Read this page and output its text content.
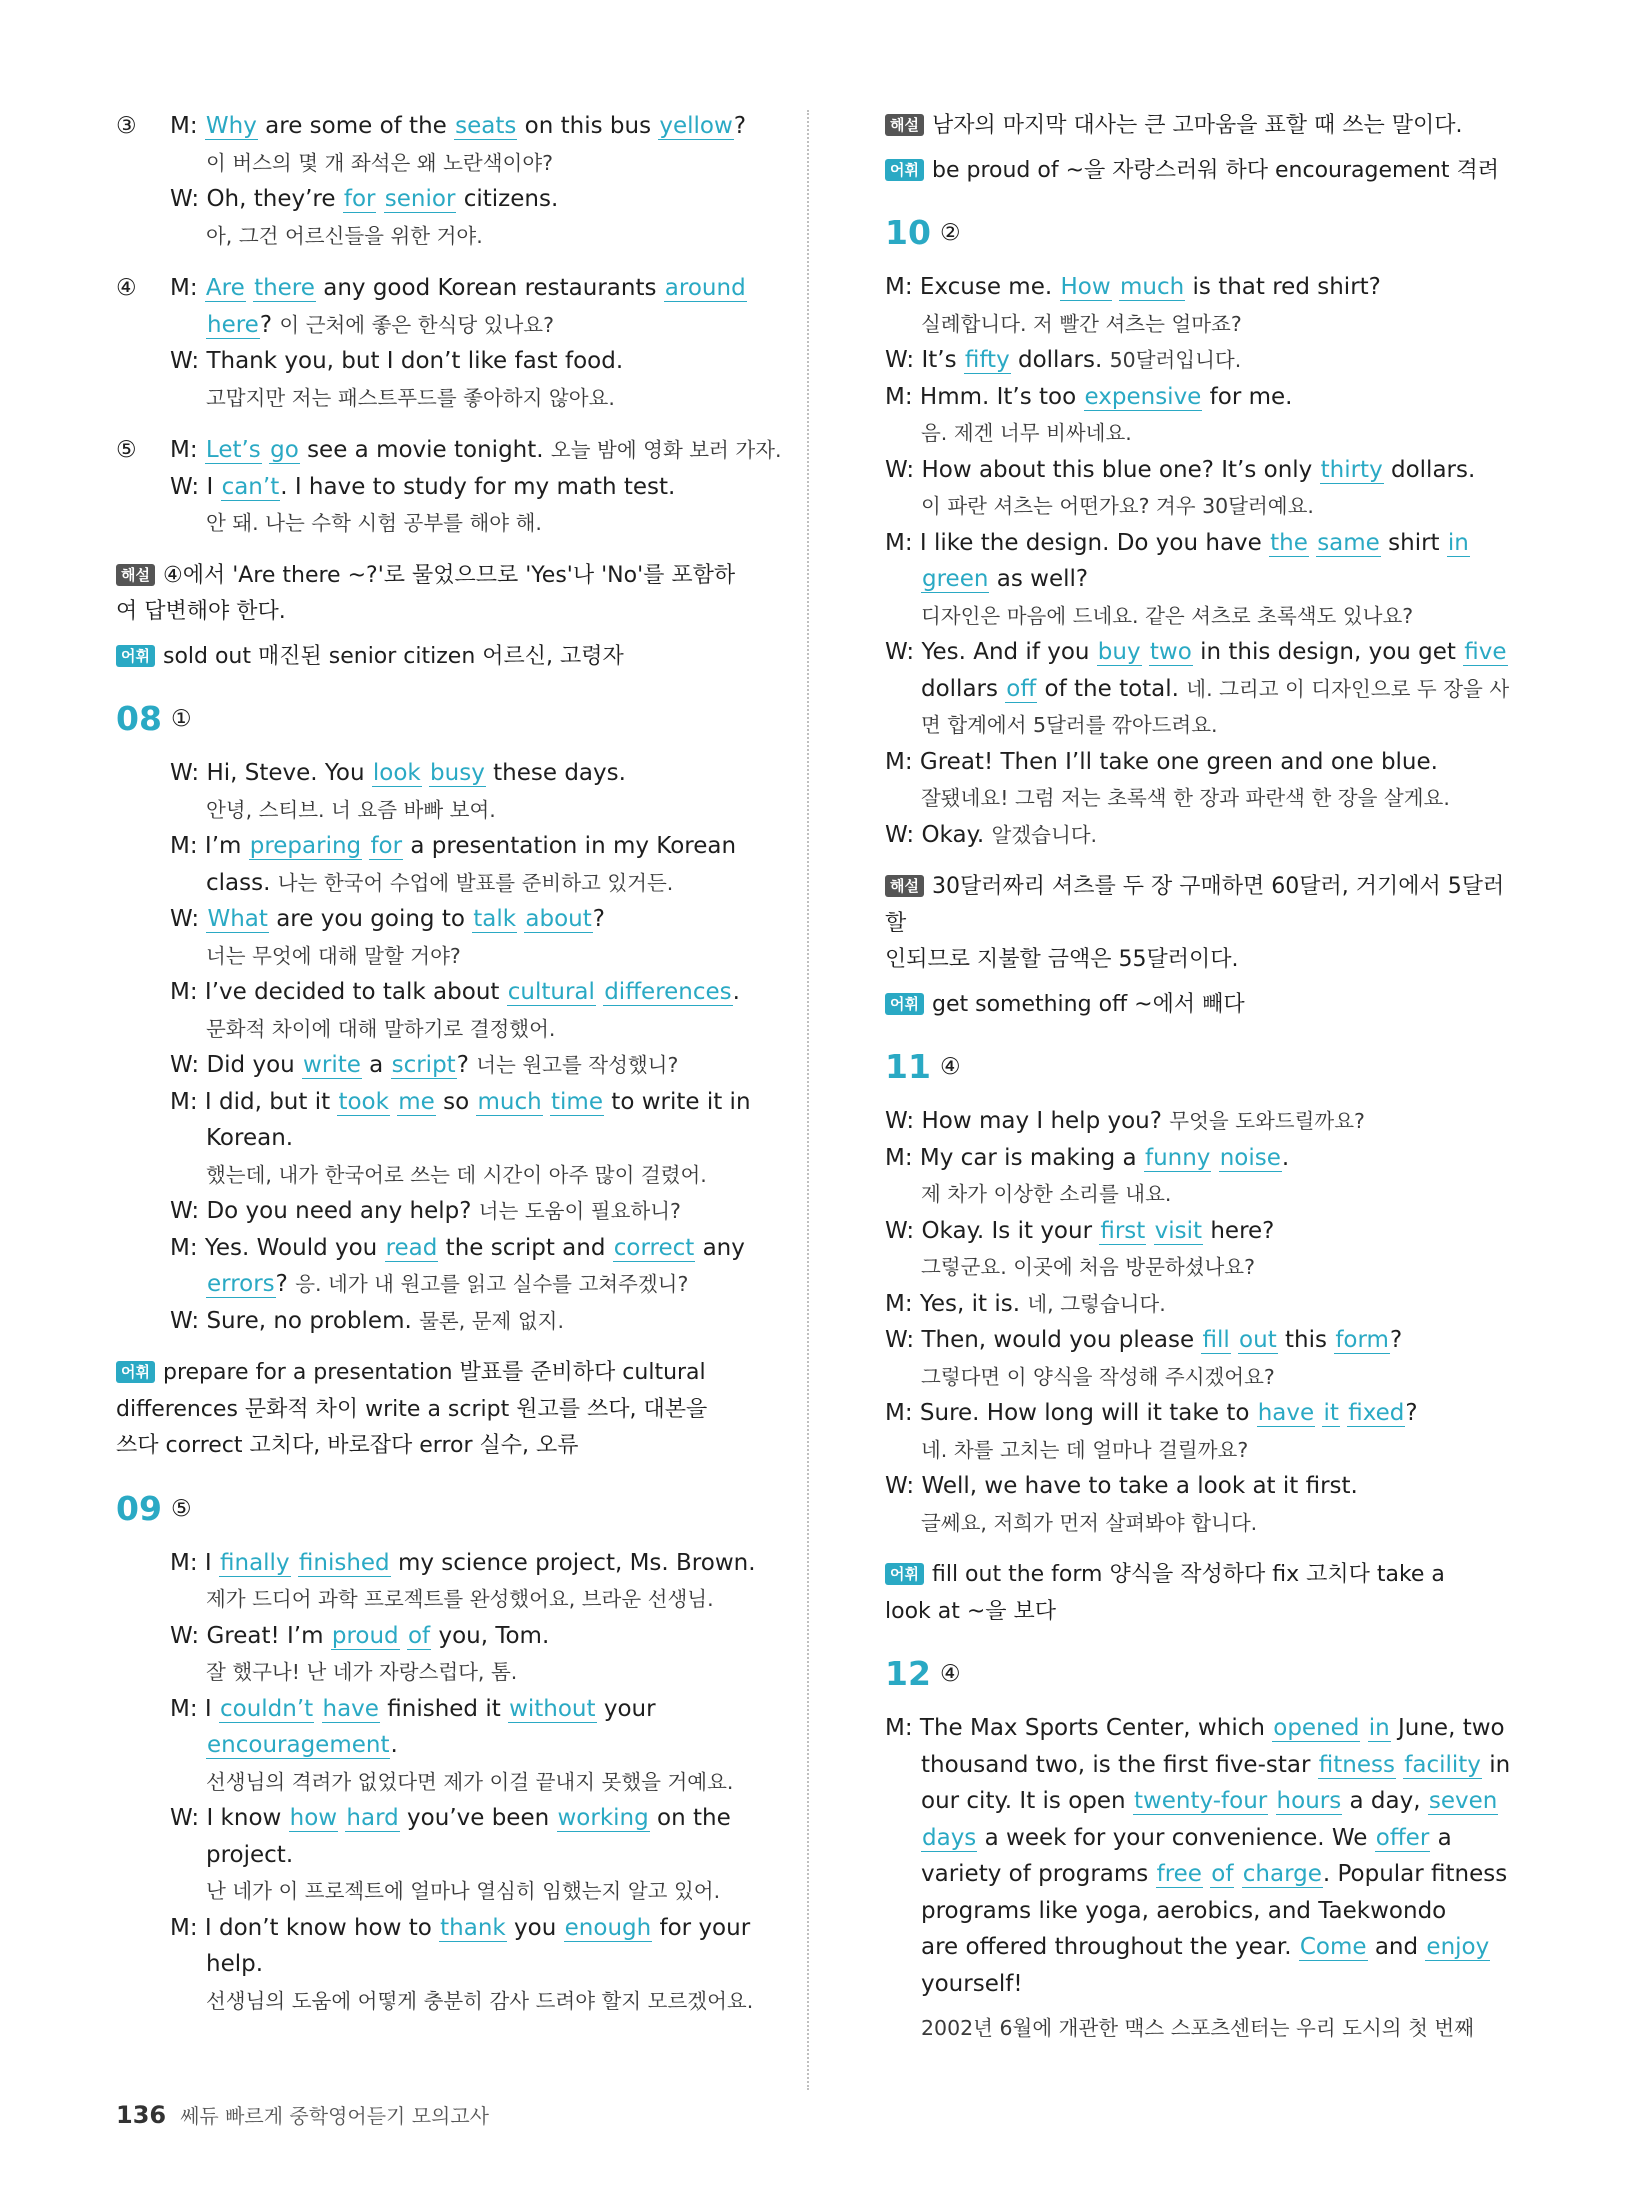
③	M: Why are some of the seats on this bus yellow?
이 버스의 몇 개 좌석은 왜 노란색이야?
W: Oh, they’re for senior citizens.
아, 그건 어르신들을 위한 거야.
④	M: Are there any good Korean restaurants around
here? 이 근처에 좋은 한식당 있나요?
W: Thank you, but I don’t like fast food.
고맙지만 저는 패스트푸드를 좋아하지 않아요.
⑤	M: Let’s go see a movie tonight. 오늘 밤에 영화 보러 가자.
W: I can’t. I have to study for my math test.
안 돼. 나는 수학 시험 공부를 해야 해.
해설 ④에서 'Are there ~?'로 물었으므로 'Yes'나 'No'를 포함하
여 답변해야 한다.
어휘 sold out 매진된 senior citizen 어르신, 고령자
08 ①
W: Hi, Steve. You look busy these days.
안녕, 스티브. 너 요즘 바빠 보여.
M: I’m preparing for a presentation in my Korean
class. 나는 한국어 수업에 발표를 준비하고 있거든.
W: What are you going to talk about?
너는 무엇에 대해 말할 거야?
M: I’ve decided to talk about cultural differences.
문화적 차이에 대해 말하기로 결정했어.
W: Did you write a script? 너는 원고를 작성했니?
M: I did, but it took me so much time to write it in
Korean.
했는데, 내가 한국어로 쓰는 데 시간이 아주 많이 걸렸어.
W: Do you need any help? 너는 도움이 필요하니?
M: Yes. Would you read the script and correct any
errors? 응. 네가 내 원고를 읽고 실수를 고쳐주겠니?
W: Sure, no problem. 물론, 문제 없지.
어휘 prepare for a presentation 발표를 준비하다 cultural
differences 문화적 차이 write a script 원고를 쓰다, 대본을
쓰다 correct 고치다, 바로잡다 error 실수, 오류
09 ⑤
M: I finally finished my science project, Ms. Brown.
제가 드디어 과학 프로젝트를 완성했어요, 브라운 선생님.
W: Great! I’m proud of you, Tom.
잘 했구나! 난 네가 자랑스럽다, 톰.
M: I couldn’t have finished it without your
encouragement.
선생님의 격려가 없었다면 제가 이걸 끝내지 못했을 거예요.
W: I know how hard you’ve been working on the
project.
난 네가 이 프로젝트에 얼마나 열심히 임했는지 알고 있어.
M: I don’t know how to thank you enough for your
help.
선생님의 도움에 어떻게 충분히 감사 드려야 할지 모르겠어요.
해설 남자의 마지막 대사는 큰 고마움을 표할 때 쓰는 말이다.
어휘 be proud of ~을 자랑스러워 하다 encouragement 격려
10 ②
M: Excuse me. How much is that red shirt?
실례합니다. 저 빨간 셔츠는 얼마죠?
W: It’s fifty dollars. 50달러입니다.
M: Hmm. It’s too expensive for me.
음. 제겐 너무 비싸네요.
W: How about this blue one? It’s only thirty dollars.
이 파란 셔츠는 어떤가요? 겨우 30달러예요.
M: I like the design. Do you have the same shirt in
green as well?
디자인은 마음에 드네요. 같은 셔츠로 초록색도 있나요?
W: Yes. And if you buy two in this design, you get five
dollars off of the total. 네. 그리고 이 디자인으로 두 장을 사
면 합계에서 5달러를 깎아드려요.
M: Great! Then I’ll take one green and one blue.
잘됐네요! 그럼 저는 초록색 한 장과 파란색 한 장을 살게요.
W: Okay. 알겠습니다.
해설 30달러짜리 셔츠를 두 장 구매하면 60달러, 거기에서 5달러 할
인되므로 지불할 금액은 55달러이다.
어휘 get something off ~에서 빼다
11 ④
W: How may I help you? 무엇을 도와드릴까요?
M: My car is making a funny noise.
제 차가 이상한 소리를 내요.
W: Okay. Is it your first visit here?
그렇군요. 이곳에 처음 방문하셨나요?
M: Yes, it is. 네, 그렇습니다.
W: Then, would you please fill out this form?
그렇다면 이 양식을 작성해 주시겠어요?
M: Sure. How long will it take to have it fixed?
네. 차를 고치는 데 얼마나 걸릴까요?
W: Well, we have to take a look at it first.
글쎄요, 저희가 먼저 살펴봐야 합니다.
어휘 fill out the form 양식을 작성하다 fix 고치다 take a
look at ~을 보다
12 ④
M: The Max Sports Center, which opened in June, two
thousand two, is the first five-star fitness facility in
our city. It is open twenty-four hours a day, seven
days a week for your convenience. We offer a
variety of programs free of charge. Popular fitness
programs like yoga, aerobics, and Taekwondo
are offered throughout the year. Come and enjoy
yourself!
2002년 6월에 개관한 맥스 스포츠센터는 우리 도시의 첫 번째
136 쎄듀 빠르게 중학영어듣기 모의고사
